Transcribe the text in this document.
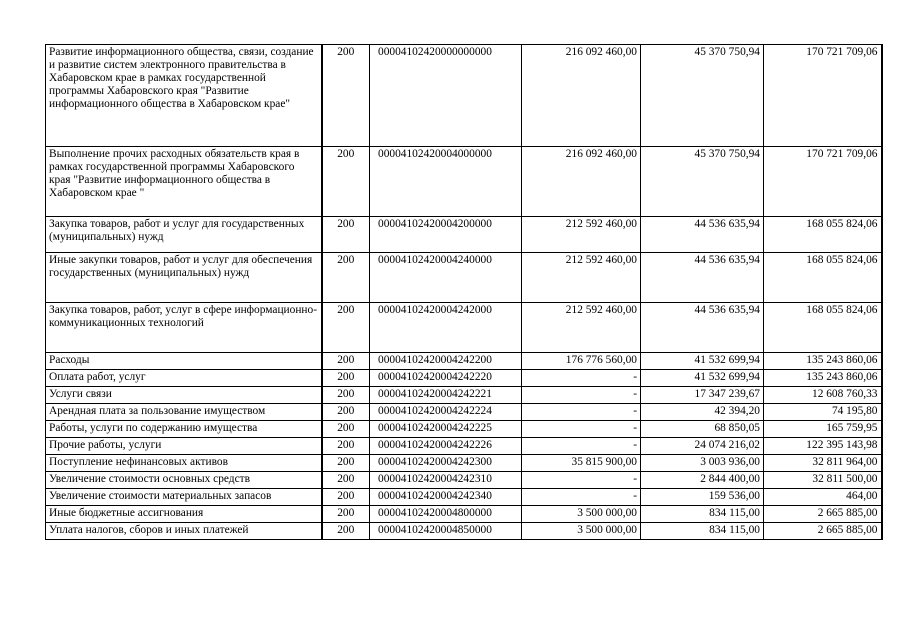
Развитие информационного общества, связи, создание и развитие систем электронного правительства в Хабаровском крае в рамках государственной программы Хабаровского края "Развитие информационного общества в Хабаровском крае"	200	00004102420000000000	216 092 460,00	45 370 750,94	170 721 709,06
Выполнение прочих расходных обязательств края в рамках государственной программы Хабаровского края "Развитие информационного общества в Хабаровском крае "	200	00004102420004000000	216 092 460,00	45 370 750,94	170 721 709,06
Закупка товаров, работ и услуг для государственных (муниципальных) нужд	200	00004102420004200000	212 592 460,00	44 536 635,94	168 055 824,06
Иные закупки товаров, работ и услуг для обеспечения государственных (муниципальных) нужд	200	00004102420004240000	212 592 460,00	44 536 635,94	168 055 824,06
Закупка товаров, работ, услуг в сфере информационно-коммуникационных технологий	200	00004102420004242000	212 592 460,00	44 536 635,94	168 055 824,06
Расходы	200	00004102420004242200	176 776 560,00	41 532 699,94	135 243 860,06
Оплата работ, услуг	200	00004102420004242220	-	41 532 699,94	135 243 860,06
Услуги связи	200	00004102420004242221	-	17 347 239,67	12 608 760,33
Арендная плата за пользование имуществом	200	00004102420004242224	-	42 394,20	74 195,80
Работы, услуги по содержанию имущества	200	00004102420004242225	-	68 850,05	165 759,95
Прочие работы, услуги	200	00004102420004242226	-	24 074 216,02	122 395 143,98
Поступление нефинансовых активов	200	00004102420004242300	35 815 900,00	3 003 936,00	32 811 964,00
Увеличение стоимости основных средств	200	00004102420004242310	-	2 844 400,00	32 811 500,00
Увеличение стоимости материальных запасов	200	00004102420004242340	-	159 536,00	464,00
Иные бюджетные ассигнования	200	00004102420004800000	3 500 000,00	834 115,00	2 665 885,00
Уплата налогов, сборов и иных платежей	200	00004102420004850000	3 500 000,00	834 115,00	2 665 885,00
